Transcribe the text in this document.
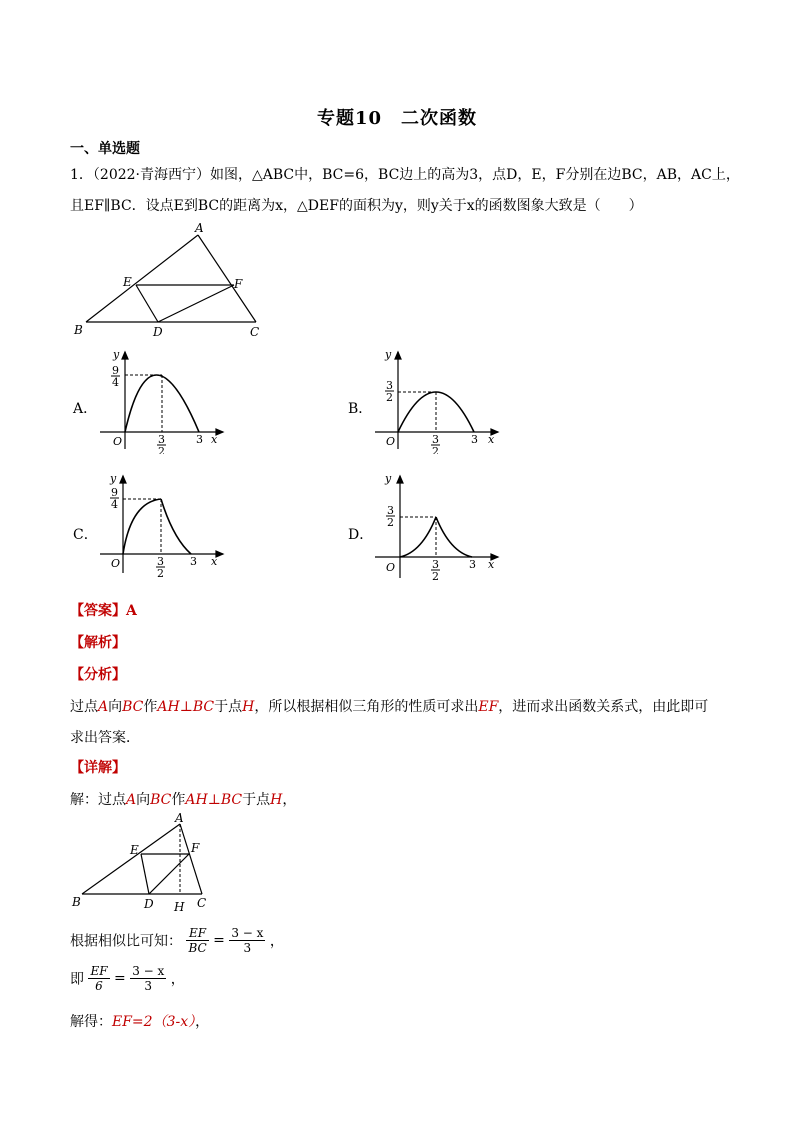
专题10　二次函数
一、单选题
1．（2022·青海西宁）如图，△ABC中，BC=6，BC边上的高为3，点D，E，F分别在边BC，AB，AC上，
且EF∥BC．设点E到BC的距离为x，△DEF的面积为y，则y关于x的函数图象大致是（　　）
A
B	C
D
E	F
A．
y
9
4
O	3
2
3 x
B．
y
3
2
O	3
2
3 x
C．
y
9
4
O	3
2
3 x
D．
y
3
2
O	3
2
3 x
【答案】A
【解析】
【分析】
过点A向BC作AH⊥BC于点H，所以根据相似三角形的性质可求出EF，进而求出函数关系式，由此即可
求出答案．
【详解】
解：过点A向BC作AH⊥BC于点H，
A
B	C
D
E	F
H
根据相似比可知： $\frac{EF}{BC} = \frac{3 - x}{3}$ ，
即 $\frac{EF}{6} = \frac{3 - x}{3}$ ，
解得：EF=2（3-x），
